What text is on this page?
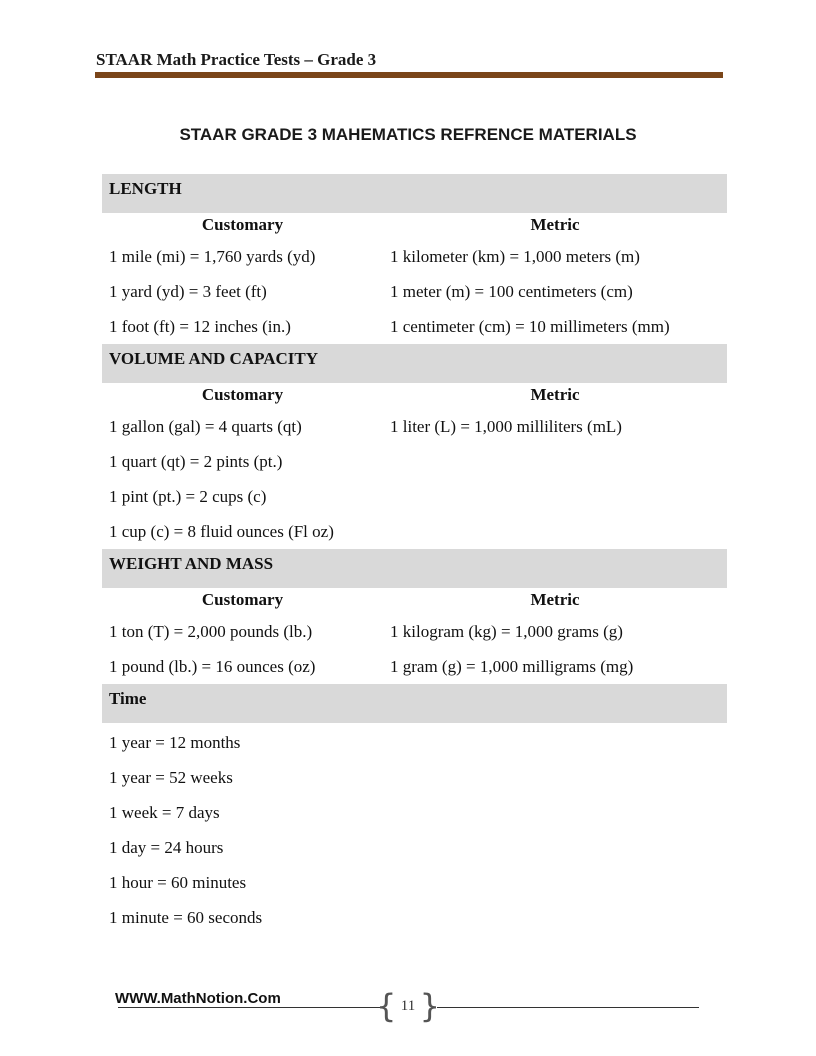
STAAR Math Practice Tests – Grade 3
STAAR GRADE 3 MAHEMATICS REFRENCE MATERIALS
LENGTH
Customary	Metric
1 mile (mi) = 1,760 yards (yd)	1 kilometer (km) = 1,000 meters (m)
1 yard (yd) = 3 feet (ft)	1 meter (m) = 100 centimeters (cm)
1 foot (ft) = 12 inches (in.)	1 centimeter (cm) = 10 millimeters (mm)
VOLUME AND CAPACITY
Customary	Metric
1 gallon (gal) = 4 quarts (qt)	1 liter (L) = 1,000 milliliters (mL)
1 quart (qt) = 2 pints (pt.)
1 pint (pt.) = 2 cups (c)
1 cup (c) = 8 fluid ounces (Fl oz)
WEIGHT AND MASS
Customary	Metric
1 ton (T) = 2,000 pounds (lb.)	1 kilogram (kg) = 1,000 grams (g)
1 pound (lb.) = 16 ounces (oz)	1 gram (g) = 1,000 milligrams (mg)
Time
1 year = 12 months
1 year = 52 weeks
1 week = 7 days
1 day = 24 hours
1 hour = 60 minutes
1 minute = 60 seconds
WWW.MathNotion.Com	{ 11 }
